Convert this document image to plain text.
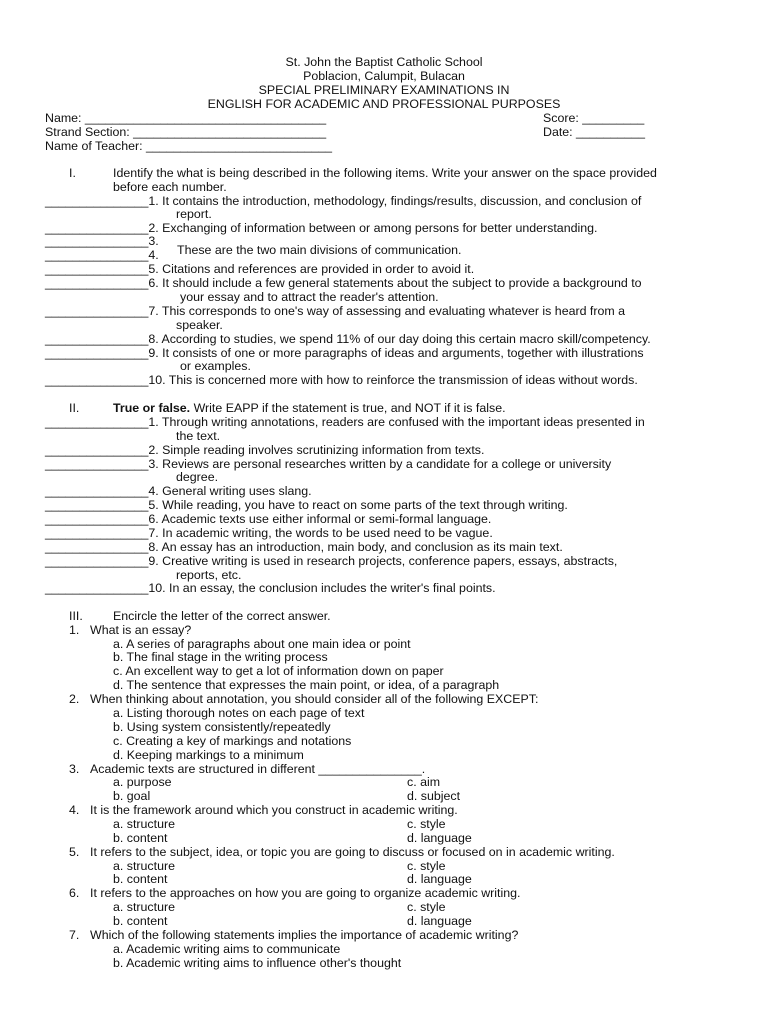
St. John the Baptist Catholic School
Poblacion, Calumpit, Bulacan
SPECIAL PRELIMINARY EXAMINATIONS IN
ENGLISH FOR ACADEMIC AND PROFESSIONAL PURPOSES
Name: ___________________________________	Score: _________
Strand Section: ____________________________	Date: __________
Name of Teacher: ___________________________
I.	Identify the what is being described in the following items. Write your answer on the space provided
before each number.
_______________1. It contains the introduction, methodology, findings/results, discussion, and conclusion of
report.
_______________2. Exchanging of information between or among persons for better understanding.
_______________3.
These are the two main divisions of communication.
_______________4.
_______________5. Citations and references are provided in order to avoid it.
_______________6. It should include a few general statements about the subject to provide a background to
your essay and to attract the reader's attention.
_______________7. This corresponds to one's way of assessing and evaluating whatever is heard from a
speaker.
_______________8. According to studies, we spend 11% of our day doing this certain macro skill/competency.
_______________9. It consists of one or more paragraphs of ideas and arguments, together with illustrations
or examples.
_______________10. This is concerned more with how to reinforce the transmission of ideas without words.
II.	True or false. Write EAPP if the statement is true, and NOT if it is false.
_______________1. Through writing annotations, readers are confused with the important ideas presented in
the text.
_______________2. Simple reading involves scrutinizing information from texts.
_______________3. Reviews are personal researches written by a candidate for a college or university
degree.
_______________4. General writing uses slang.
_______________5. While reading, you have to react on some parts of the text through writing.
_______________6. Academic texts use either informal or semi-formal language.
_______________7. In academic writing, the words to be used need to be vague.
_______________8. An essay has an introduction, main body, and conclusion as its main text.
_______________9. Creative writing is used in research projects, conference papers, essays, abstracts,
reports, etc.
_______________10. In an essay, the conclusion includes the writer's final points.
III. Encircle the letter of the correct answer.
1. What is an essay?
a. A series of paragraphs about one main idea or point
b. The final stage in the writing process
c. An excellent way to get a lot of information down on paper
d. The sentence that expresses the main point, or idea, of a paragraph
2. When thinking about annotation, you should consider all of the following EXCEPT:
a. Listing thorough notes on each page of text
b. Using system consistently/repeatedly
c. Creating a key of markings and notations
d. Keeping markings to a minimum
3. Academic texts are structured in different _______________.
a. purpose	c. aim
b. goal	d. subject
4. It is the framework around which you construct in academic writing.
a. structure	c. style
b. content	d. language
5. It refers to the subject, idea, or topic you are going to discuss or focused on in academic writing.
a. structure	c. style
b. content	d. language
6. It refers to the approaches on how you are going to organize academic writing.
a. structure	c. style
b. content	d. language
7. Which of the following statements implies the importance of academic writing?
a. Academic writing aims to communicate
b. Academic writing aims to influence other's thought
